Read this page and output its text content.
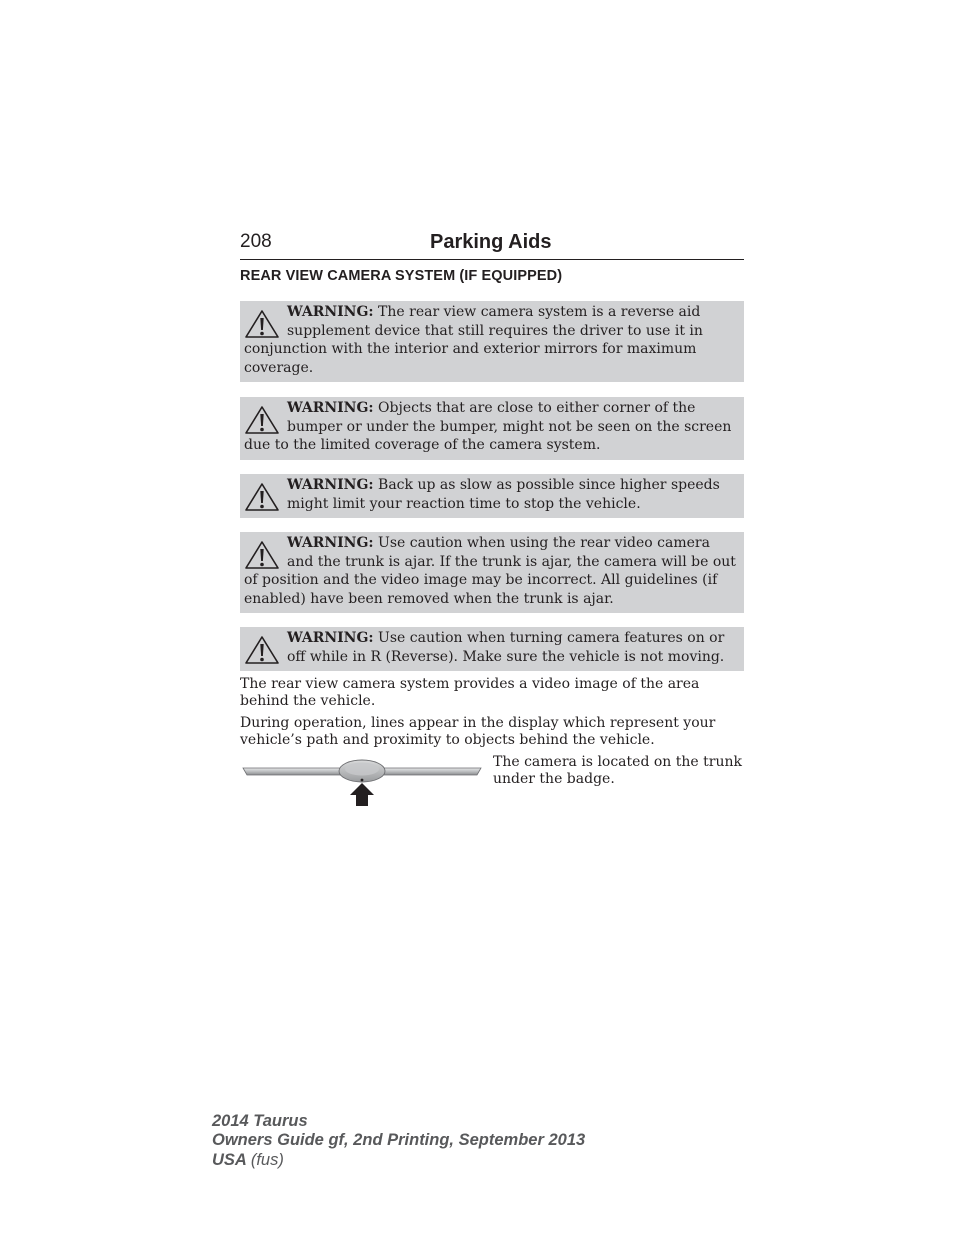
208	Parking Aids
REAR VIEW CAMERA SYSTEM (IF EQUIPPED)
WARNING: The rear view camera system is a reverse aid supplement device that still requires the driver to use it in conjunction with the interior and exterior mirrors for maximum coverage.
WARNING: Objects that are close to either corner of the bumper or under the bumper, might not be seen on the screen due to the limited coverage of the camera system.
WARNING: Back up as slow as possible since higher speeds might limit your reaction time to stop the vehicle.
WARNING: Use caution when using the rear video camera and the trunk is ajar. If the trunk is ajar, the camera will be out of position and the video image may be incorrect. All guidelines (if enabled) have been removed when the trunk is ajar.
WARNING: Use caution when turning camera features on or off while in R (Reverse). Make sure the vehicle is not moving.

The rear view camera system provides a video image of the area behind the vehicle.

During operation, lines appear in the display which represent your vehicle’s path and proximity to objects behind the vehicle.

The camera is located on the trunk under the badge.

2014 Taurus
Owners Guide gf, 2nd Printing, September 2013
USA (fus)
